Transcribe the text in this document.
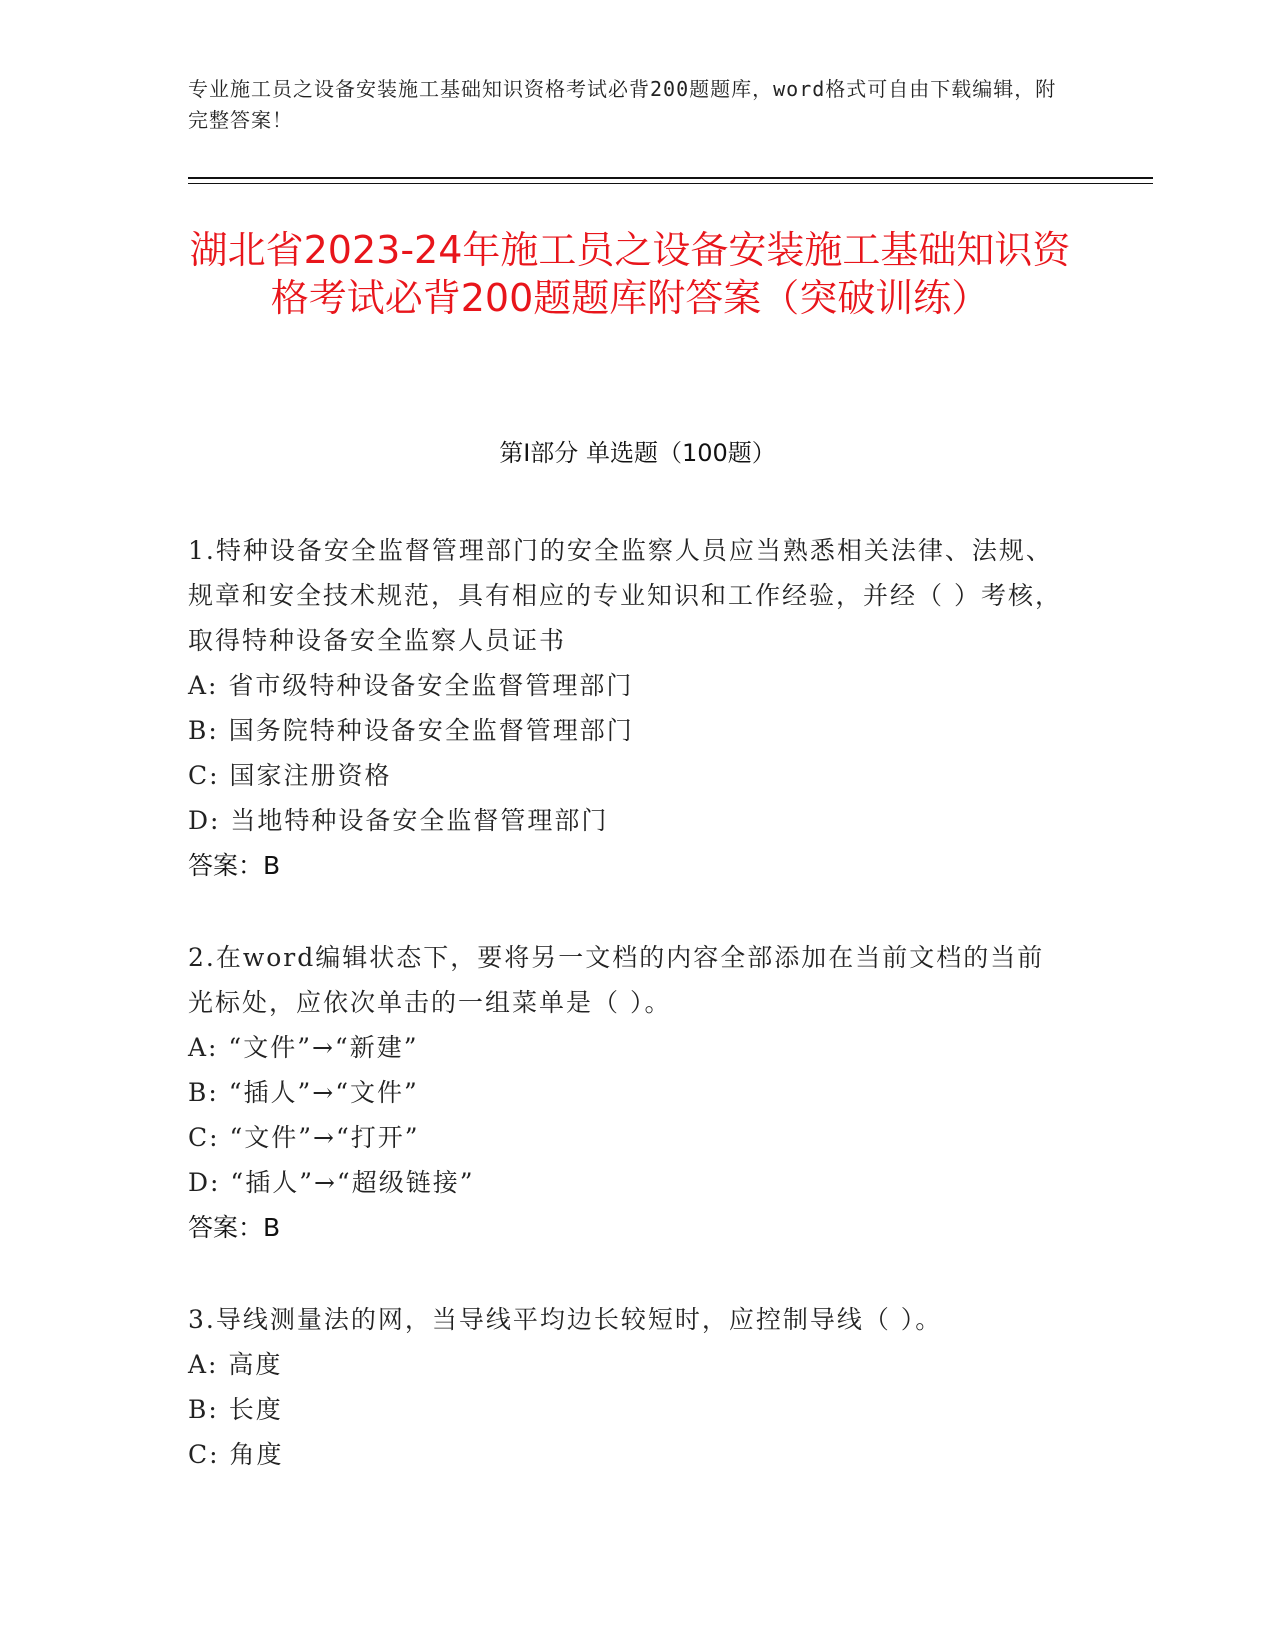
专业施工员之设备安装施工基础知识资格考试必背200题题库，word格式可自由下载编辑，附完整答案！
湖北省2023-24年施工员之设备安装施工基础知识资格考试必背200题题库附答案（突破训练）
第Ⅰ部分 单选题（100题）

1.特种设备安全监督管理部门的安全监察人员应当熟悉相关法律、法规、规章和安全技术规范，具有相应的专业知识和工作经验，并经（ ）考核，取得特种设备安全监察人员证书

A: 省市级特种设备安全监督管理部门

B: 国务院特种设备安全监督管理部门

C: 国家注册资格

D: 当地特种设备安全监督管理部门

答案：B

2.在word编辑状态下，要将另一文档的内容全部添加在当前文档的当前光标处，应依次单击的一组菜单是（ ）。

A: “文件”→“新建”

B: “插人”→“文件”

C: “文件”→“打开”

D: “插人”→“超级链接”

答案：B

3.导线测量法的网，当导线平均边长较短时，应控制导线（ ）。

A: 高度

B: 长度

C: 角度
